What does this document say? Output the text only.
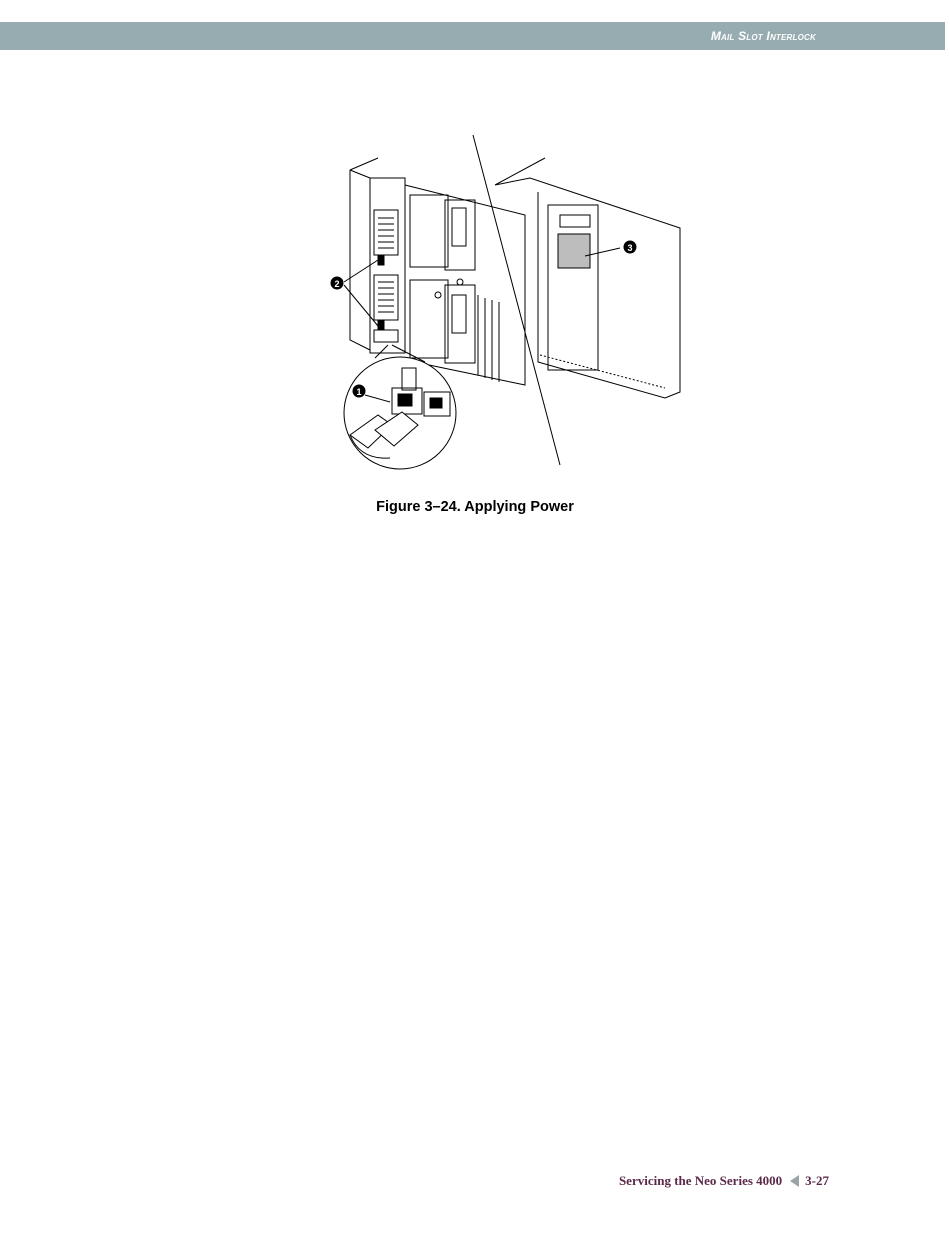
Mail Slot Interlock
2
1
3
Figure 3–24. Applying Power
Servicing the Neo Series 4000 3-27
